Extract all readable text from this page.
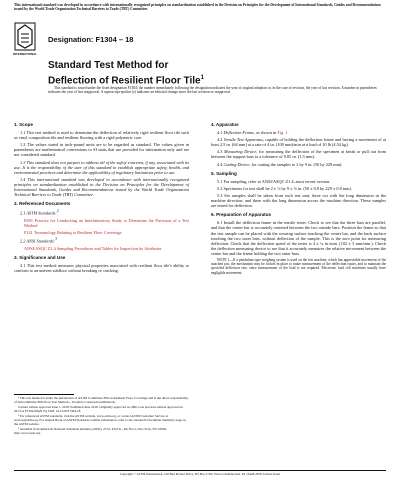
This international standard was developed in accordance with internationally recognized principles on standardization established in the Decision on Principles for the Development of International Standards, Guides and Recommendations issued by the World Trade Organization Technical Barriers to Trade (TBT) Committee.
INTERNATIONAL
Designation: F1304 – 18
Standard Test Method for
Deflection of Resilient Floor Tile$^1$
This standard is issued under the fixed designation F1304; the number immediately following the designation indicates the year of original adoption or, in the case of revision, the year of last revision. A number in parentheses indicates the year of last reapproval. A superscript epsilon (ε) indicates an editorial change since the last revision or reapproval.
1. Scope

1.1 This test method is used to determine the deflection of relatively rigid resilient floor tile such as vinyl composition tile and resilient flooring with a rigid polymeric core.

1.2 The values stated in inch-pound units are to be regarded as standard. The values given in parentheses are mathematical conversions to SI units that are provided for information only and are not considered standard.

1.3 This standard does not purport to address all of the safety concerns, if any, associated with its use. It is the responsibility of the user of this standard to establish appropriate safety, health, and environmental practices and determine the applicability of regulatory limitations prior to use.

1.4 This international standard was developed in accordance with internationally recognized principles on standardization established in the Decision on Principles for the Development of International Standards, Guides and Recommendations issued by the World Trade Organization Technical Barriers to Trade (TBT) Committee.

2. Referenced Documents

2.1 ASTM Standards:$^2$

E691 Practice for Conducting an Interlaboratory Study to Determine the Precision of a Test Method

F141 Terminology Relating to Resilient Floor Coverings

2.2 ANSI Standards:$^3$

ANSI/ASQC Z1.4 Sampling Procedures and Tables for Inspection by Attributes

3. Significance and Use

3.1 This test method measures physical properties associated with resilient floor tile's ability to conform to an uneven subfloor without breaking or cracking.

4. Apparatus

4.1 Deflection Frame, as shown in Fig. 1.

4.2 Tensile Test Apparatus, capable of holding the deflection frame and having a movement of at least 2.5 in. (64 mm) at a rate of 4 in. (100 mm)/min at a load of 10 lb (4.54 kg).

4.3 Measuring Device, for measuring the deflection of the specimen at break or pull out from between the support bars to a tolerance of 0.05 in. (1.3 mm).

4.4 Cutting Device, for cutting the samples to 2 by 9 in. (50 by 229 mm).

5. Sampling

5.1 For sampling, refer to ANSI/ASQC Z1.4–most recent version.

5.2 Specimens for test shall be 2 ± ½ by 9 ± ⅛ in. (50 ± 0.8 by 229 ± 0.8 mm).

5.3 Six samples shall be taken from each test unit, three cut with the long dimension in the machine direction, and three with the long dimension across the machine direction. These samples are tested for deflection.

6. Preparation of Apparatus

6.1 Install the deflection frame in the tensile tester. Check to see that the three bars are parallel, and that the center bar is accurately centered between the two outside bars. Position the frame so that the test sample can be placed with the wearing surface touching the center bar, and the back surface touching the two outer bars, without deflection of the sample. This is the zero point for measuring deflection. Check that the deflection speed of the tester is 4 ± ¼ in./min. (102 ± 3 mm/min.). Check the deflection measuring device to see that it accurately measures the relative movement between the center bar and the frame holding the two outer bars.

NOTE 1—If a pendulum-type weighing system is used on the test machine, which has appreciable movement of the attached jaw, the mechanism may be locked in place to make measurement of the deflection easier, and to maintain the specified deflection rate, since measurement of the load is not required. Electronic load cell machines usually have negligible movement.

¹ This test method is under the jurisdiction of ASTM Committee F06 on Resilient Floor Coverings and is the direct responsibility of Subcommittee F06.20 on Test Methods - Products Construction/Materials.

Current edition approved June 1, 2018. Published June 2018. Originally approved in 1990. Last previous edition approved in 2013 as F1304-08(2013). DOI: 10.1520/F1304-18.

² For referenced ASTM standards, visit the ASTM website, www.astm.org, or contact ASTM Customer Service at service@astm.org. For Annual Book of ASTM Standards volume information, refer to the standard's Document Summary page on the ASTM website.

³ Available from American National Standards Institute (ANSI), 25 W. 43rd St., 4th Floor, New York, NY 10036, http://www.ansi.org.

Copyright © ASTM International, 100 Barr Harbor Drive, PO Box C700, West Conshohocken, PA 19428-2959. United States
